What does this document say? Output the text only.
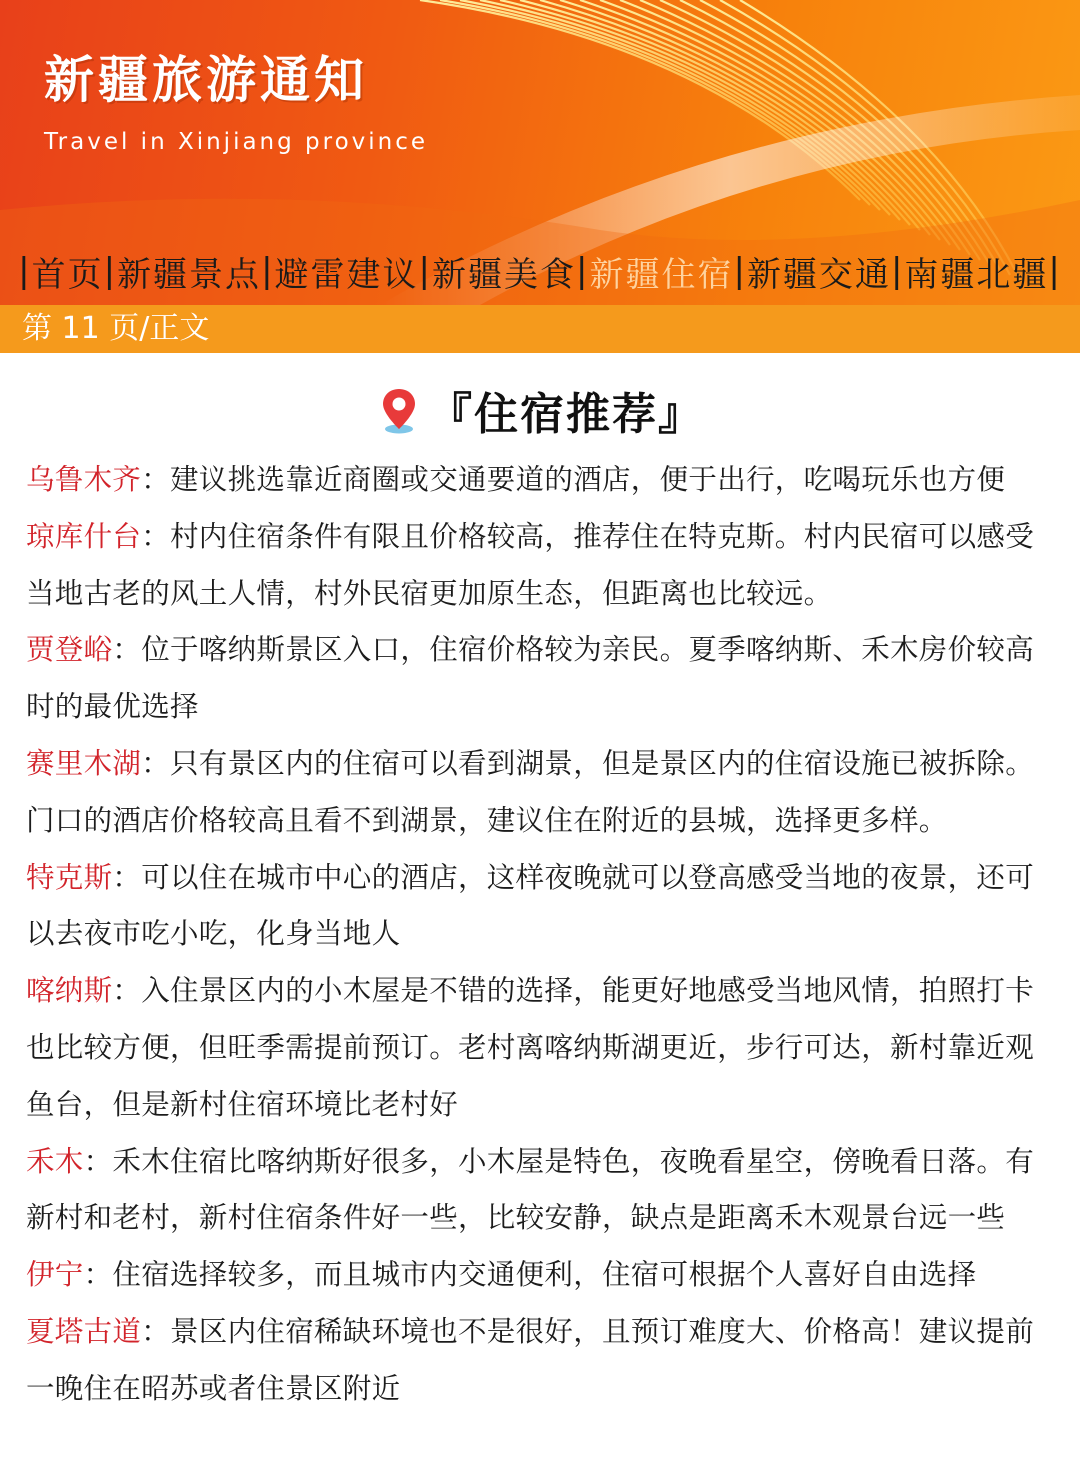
新疆旅游通知
Travel in Xinjiang province
| 首页 | 新疆景点 | 避雷建议 | 新疆美食 | 新疆住宿 | 新疆交通 | 南疆北疆 |
第 11 页/正文
『住宿推荐』

乌鲁木齐：建议挑选靠近商圈或交通要道的酒店，便于出行，吃喝玩乐也方便

琼库什台：村内住宿条件有限且价格较高，推荐住在特克斯。村内民宿可以感受当地古老的风土人情，村外民宿更加原生态，但距离也比较远。

贾登峪：位于喀纳斯景区入口，住宿价格较为亲民。夏季喀纳斯、禾木房价较高时的最优选择

赛里木湖：只有景区内的住宿可以看到湖景，但是景区内的住宿设施已被拆除。门口的酒店价格较高且看不到湖景，建议住在附近的县城，选择更多样。

特克斯：可以住在城市中心的酒店，这样夜晚就可以登高感受当地的夜景，还可以去夜市吃小吃，化身当地人

喀纳斯：入住景区内的小木屋是不错的选择，能更好地感受当地风情，拍照打卡也比较方便，但旺季需提前预订。老村离喀纳斯湖更近，步行可达，新村靠近观鱼台，但是新村住宿环境比老村好

禾木：禾木住宿比喀纳斯好很多，小木屋是特色，夜晚看星空，傍晚看日落。有新村和老村，新村住宿条件好一些，比较安静，缺点是距离禾木观景台远一些

伊宁：住宿选择较多，而且城市内交通便利，住宿可根据个人喜好自由选择

夏塔古道：景区内住宿稀缺环境也不是很好，且预订难度大、价格高！建议提前一晚住在昭苏或者住景区附近
